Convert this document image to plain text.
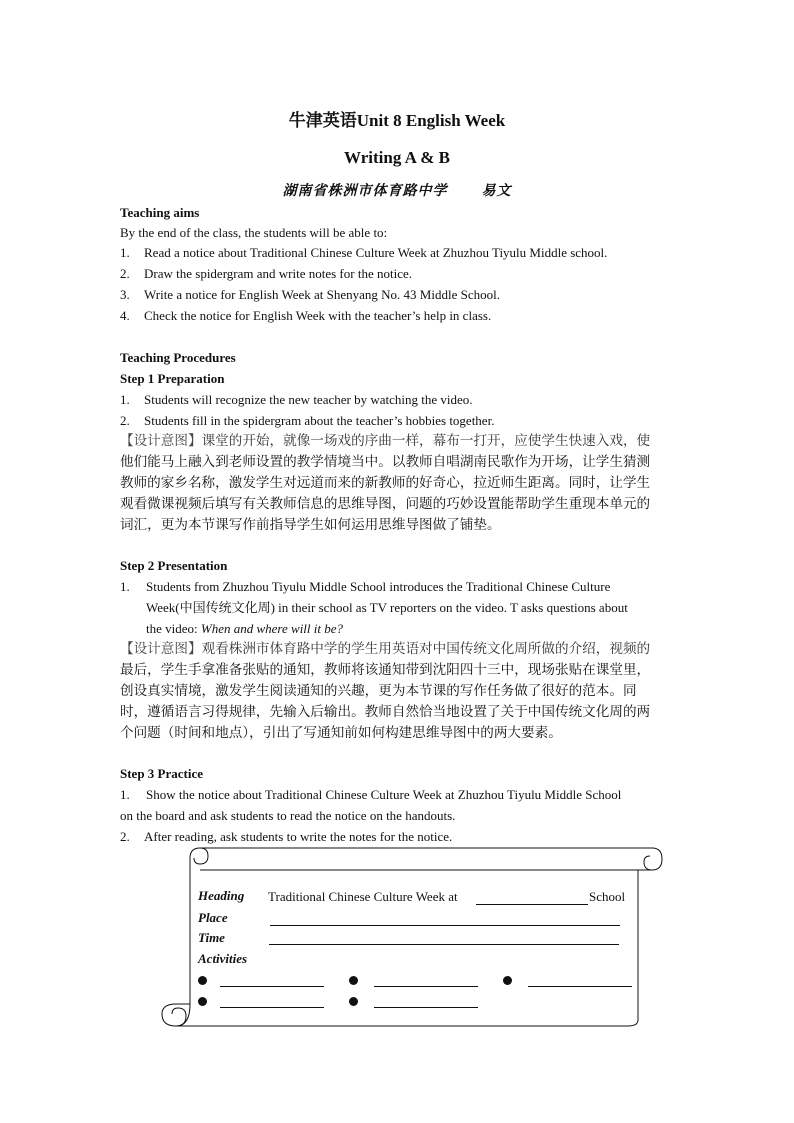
牛津英语Unit 8 English Week
Writing A & B
湖南省株洲市体育路中学 易文
Teaching aims
By the end of the class, the students will be able to:
1. Read a notice about Traditional Chinese Culture Week at Zhuzhou Tiyulu Middle school.
2. Draw the spidergram and write notes for the notice.
3. Write a notice for English Week at Shenyang No. 43 Middle School.
4. Check the notice for English Week with the teacher’s help in class.
Teaching Procedures
Step 1 Preparation
1. Students will recognize the new teacher by watching the video.
2. Students fill in the spidergram about the teacher’s hobbies together.
【设计意图】课堂的开始，就像一场戏的序曲一样，幕布一打开，应使学生快速入戏，使
他们能马上融入到老师设置的教学情境当中。以教师自唱湖南民歌作为开场，让学生猜测
教师的家乡名称，激发学生对远道而来的新教师的好奇心，拉近师生距离。同时，让学生
观看微课视频后填写有关教师信息的思维导图，问题的巧妙设置能帮助学生重现本单元的
词汇，更为本节课写作前指导学生如何运用思维导图做了铺垫。
Step 2 Presentation
1. Students from Zhuzhou Tiyulu Middle School introduces the Traditional Chinese Culture
Week(中国传统文化周) in their school as TV reporters on the video. T asks questions about
the video: When and where will it be?
【设计意图】观看株洲市体育路中学的学生用英语对中国传统文化周所做的介绍，视频的
最后，学生手拿准备张贴的通知，教师将该通知带到沈阳四十三中，现场张贴在课堂里，
创设真实情境，激发学生阅读通知的兴趣，更为本节课的写作任务做了很好的范本。同
时，遵循语言习得规律，先输入后输出。教师自然恰当地设置了关于中国传统文化周的两
个问题（时间和地点），引出了写通知前如何构建思维导图中的两大要素。
Step 3 Practice
1. Show the notice about Traditional Chinese Culture Week at Zhuzhou Tiyulu Middle School
on the board and ask students to read the notice on the handouts.
2. After reading, ask students to write the notes for the notice.
Heading Traditional Chinese Culture Week at	School
Place
Time
Activities
